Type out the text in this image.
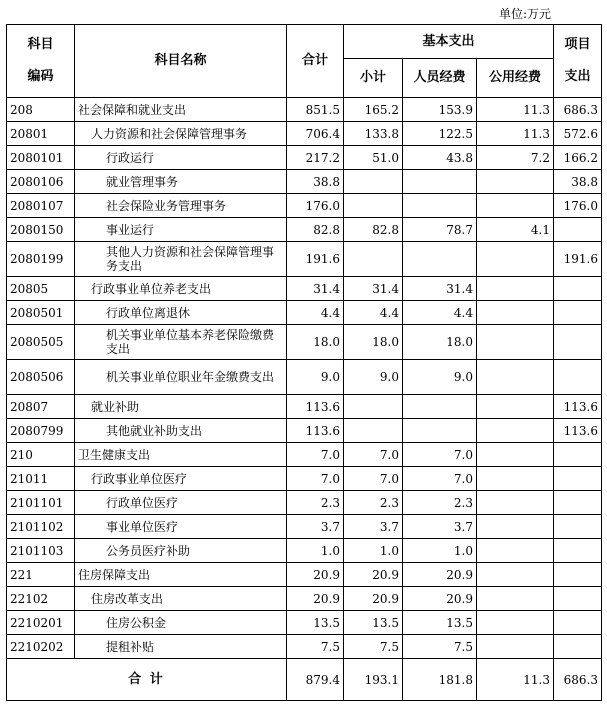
单位:万元
科目
编码	科目名称	合计	基本支出			项目
支出

			小计	人员经费	公用经费	
208	社会保障和就业支出	851.5	165.2	153.9	11.3	686.3
20801	人力资源和社会保障管理事务	706.4	133.8	122.5	11.3	572.6
2080101	行政运行	217.2	51.0	43.8	7.2	166.2
2080106	就业管理事务	38.8				38.8
2080107	社会保险业务管理事务	176.0				176.0
2080150	事业运行	82.8	82.8	78.7	4.1	
2080199	其他人力资源和社会保障管理事务支出	191.6				191.6
20805	行政事业单位养老支出	31.4	31.4	31.4		
2080501	行政单位离退休	4.4	4.4	4.4		
2080505	机关事业单位基本养老保险缴费支出	18.0	18.0	18.0		
2080506	机关事业单位职业年金缴费支出	9.0	9.0	9.0		
20807	就业补助	113.6				113.6
2080799	其他就业补助支出	113.6				113.6
210	卫生健康支出	7.0	7.0	7.0		
21011	行政事业单位医疗	7.0	7.0	7.0		
2101101	行政单位医疗	2.3	2.3	2.3		
2101102	事业单位医疗	3.7	3.7	3.7		
2101103	公务员医疗补助	1.0	1.0	1.0		
221	住房保障支出	20.9	20.9	20.9		
22102	住房改革支出	20.9	20.9	20.9		
2210201	住房公积金	13.5	13.5	13.5		
2210202	提租补贴	7.5	7.5	7.5		
合 计		879.4	193.1	181.8	11.3	686.3
